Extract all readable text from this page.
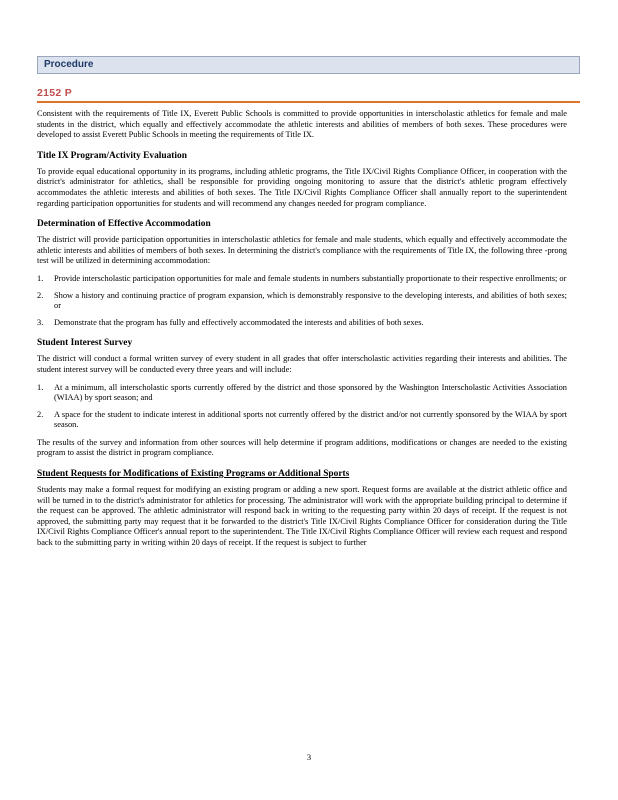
Procedure
2152 P

Consistent with the requirements of Title IX, Everett Public Schools is committed to provide opportunities in interscholastic athletics for female and male students in the district, which equally and effectively accommodate the athletic interests and abilities of members of both sexes. These procedures were developed to assist Everett Public Schools in meeting the requirements of Title IX.

Title IX Program/Activity Evaluation

To provide equal educational opportunity in its programs, including athletic programs, the Title IX/Civil Rights Compliance Officer, in cooperation with the district's administrator for athletics, shall be responsible for providing ongoing monitoring to assure that the district's athletic program effectively accommodates the athletic interests and abilities of both sexes. The Title IX/Civil Rights Compliance Officer shall annually report to the superintendent regarding participation opportunities for students and will recommend any changes needed for program compliance.

Determination of Effective Accommodation

The district will provide participation opportunities in interscholastic athletics for female and male students, which equally and effectively accommodate the athletic interests and abilities of members of both sexes. In determining the district's compliance with the requirements of Title IX, the following three -prong test will be utilized in determining accommodation:

1. Provide interscholastic participation opportunities for male and female students in numbers substantially proportionate to their respective enrollments; or
2. Show a history and continuing practice of program expansion, which is demonstrably responsive to the developing interests, and abilities of both sexes; or
3. Demonstrate that the program has fully and effectively accommodated the interests and abilities of both sexes.
Student Interest Survey

The district will conduct a formal written survey of every student in all grades that offer interscholastic activities regarding their interests and abilities. The student interest survey will be conducted every three years and will include:

1. At a minimum, all interscholastic sports currently offered by the district and those sponsored by the Washington Interscholastic Activities Association (WIAA) by sport season; and
2. A space for the student to indicate interest in additional sports not currently offered by the district and/or not currently sponsored by the WIAA by sport season.

The results of the survey and information from other sources will help determine if program additions, modifications or changes are needed to the existing program to assist the district in program compliance.

Student Requests for Modifications of Existing Programs or Additional Sports

Students may make a formal request for modifying an existing program or adding a new sport. Request forms are available at the district athletic office and will be turned in to the district's administrator for athletics for processing. The administrator will work with the appropriate building principal to determine if the request can be approved. The athletic administrator will respond back in writing to the requesting party within 20 days of receipt. If the request is not approved, the submitting party may request that it be forwarded to the district's Title IX/Civil Rights Compliance Officer for consideration during the Title IX/Civil Rights Compliance Officer's annual report to the superintendent. The Title IX/Civil Rights Compliance Officer will review each request and respond back to the submitting party in writing within 20 days of receipt. If the request is subject to further

3
